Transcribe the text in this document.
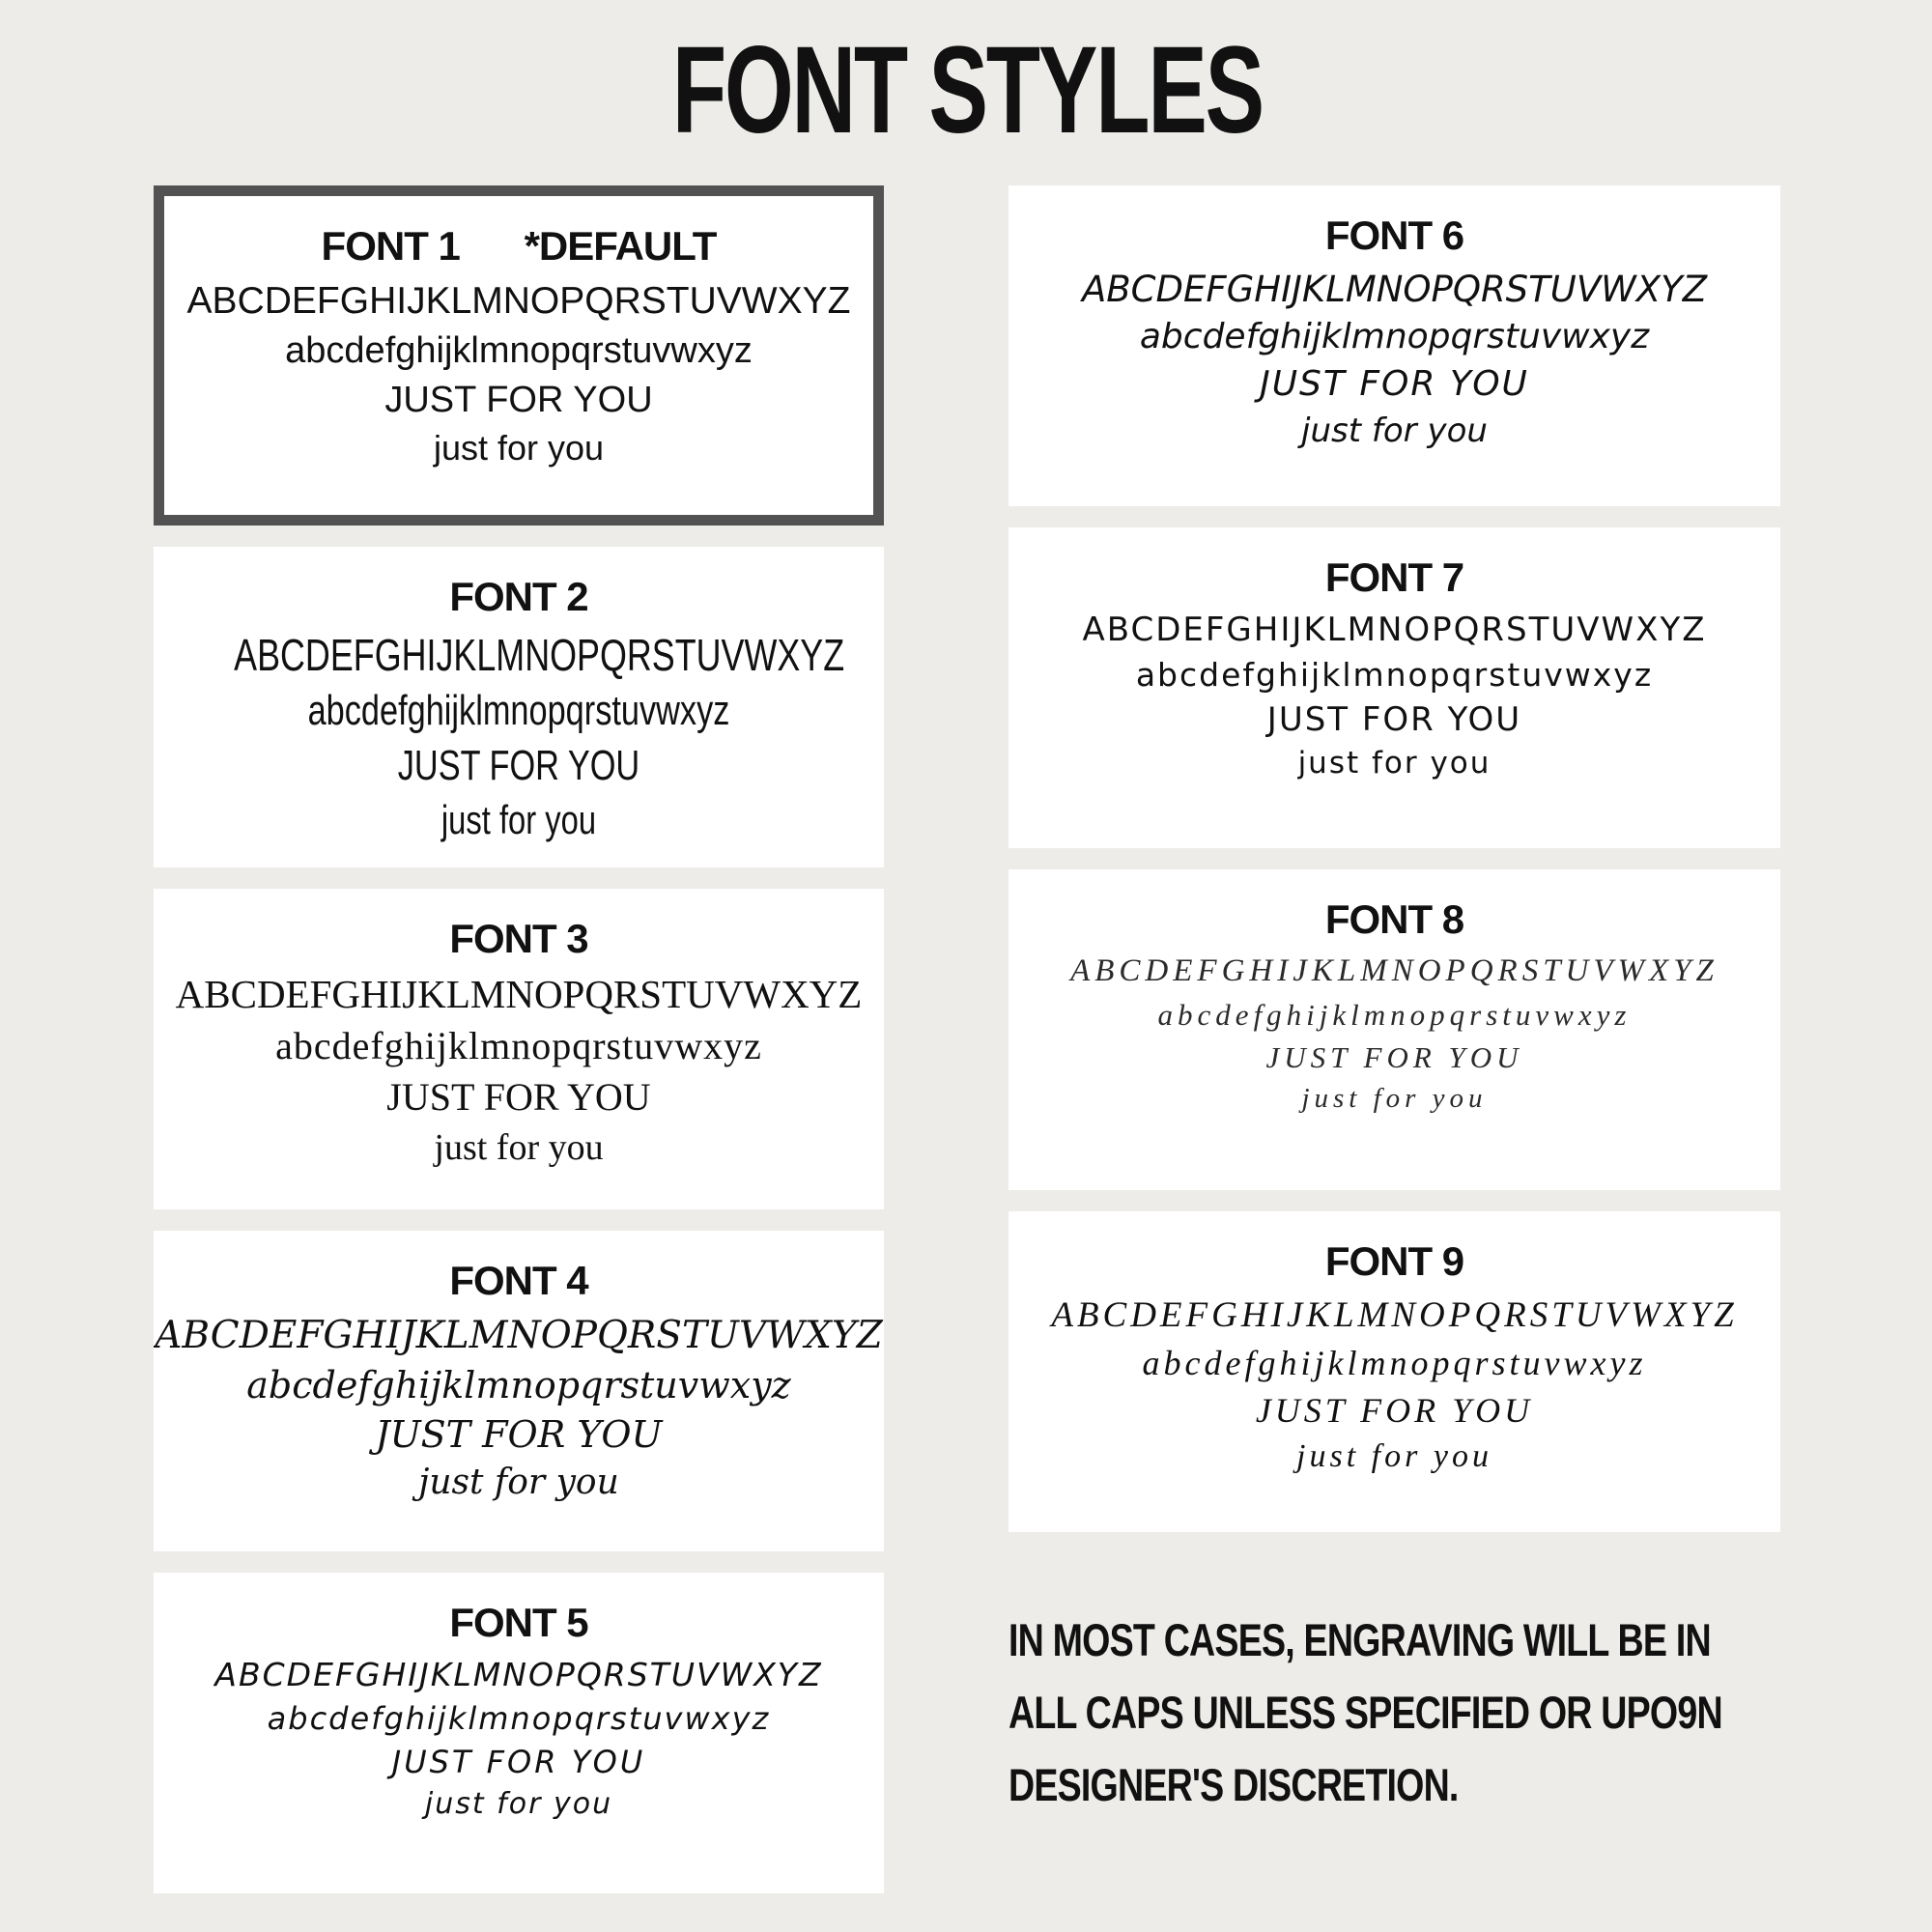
FONT STYLES
FONT 1 *DEFAULT
ABCDEFGHIJKLMNOPQRSTUVWXYZ
abcdefghijklmnopqrstuvwxyz
JUST FOR YOU
just for you
FONT 2
ABCDEFGHIJKLMNOPQRSTUVWXYZ
abcdefghijklmnopqrstuvwxyz
JUST FOR YOU
just for you
FONT 3
ABCDEFGHIJKLMNOPQRSTUVWXYZ
abcdefghijklmnopqrstuvwxyz
JUST FOR YOU
just for you
FONT 4
ABCDEFGHIJKLMNOPQRSTUVWXYZ
abcdefghijklmnopqrstuvwxyz
JUST FOR YOU
just for you
FONT 5
ABCDEFGHIJKLMNOPQRSTUVWXYZ
abcdefghijklmnopqrstuvwxyz
JUST FOR YOU
just for you
FONT 6
ABCDEFGHIJKLMNOPQRSTUVWXYZ
abcdefghijklmnopqrstuvwxyz
JUST FOR YOU
just for you
FONT 7
ABCDEFGHIJKLMNOPQRSTUVWXYZ
abcdefghijklmnopqrstuvwxyz
JUST FOR YOU
just for you
FONT 8
ABCDEFGHIJKLMNOPQRSTUVWXYZ
abcdefghijklmnopqrstuvwxyz
JUST FOR YOU
just for you
FONT 9
ABCDEFGHIJKLMNOPQRSTUVWXYZ
abcdefghijklmnopqrstuvwxyz
JUST FOR YOU
just for you
IN MOST CASES, ENGRAVING WILL BE IN
ALL CAPS UNLESS SPECIFIED OR UPO9N
DESIGNER'S DISCRETION.
